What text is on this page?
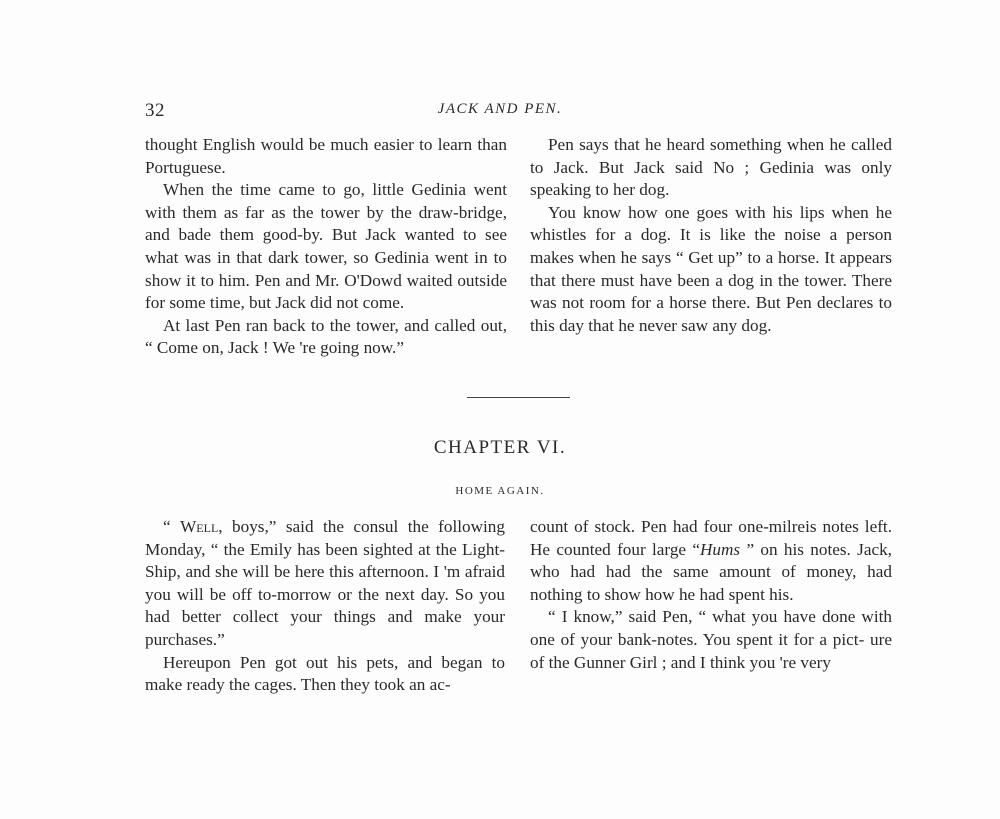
32	JACK AND PEN.

thought English would be much easier to learn than Portuguese.

When the time came to go, little Gedinia went with them as far as the tower by the draw-bridge, and bade them good-by. But Jack wanted to see what was in that dark tower, so Gedinia went in to show it to him. Pen and Mr. O'Dowd waited outside for some time, but Jack did not come.

At last Pen ran back to the tower, and called out, “ Come on, Jack ! We 're going now.”

Pen says that he heard something when he called to Jack. But Jack said No ; Gedinia was only speaking to her dog.

You know how one goes with his lips when he whistles for a dog. It is like the noise a person makes when he says “ Get up” to a horse. It appears that there must have been a dog in the tower. There was not room for a horse there. But Pen declares to this day that he never saw any dog.

CHAPTER VI.
HOME AGAIN.

“ Well, boys,” said the consul the following Monday, “ the Emily has been sighted at the Light-Ship, and she will be here this afternoon. I 'm afraid you will be off to-morrow or the next day. So you had better collect your things and make your purchases.”

Hereupon Pen got out his pets, and began to make ready the cages. Then they took an ac-

count of stock. Pen had four one-milreis notes left. He counted four large “Hums ” on his notes. Jack, who had had the same amount of money, had nothing to show how he had spent his.

“ I know,” said Pen, “ what you have done with one of your bank-notes. You spent it for a pict- ure of the Gunner Girl ; and I think you 're very
